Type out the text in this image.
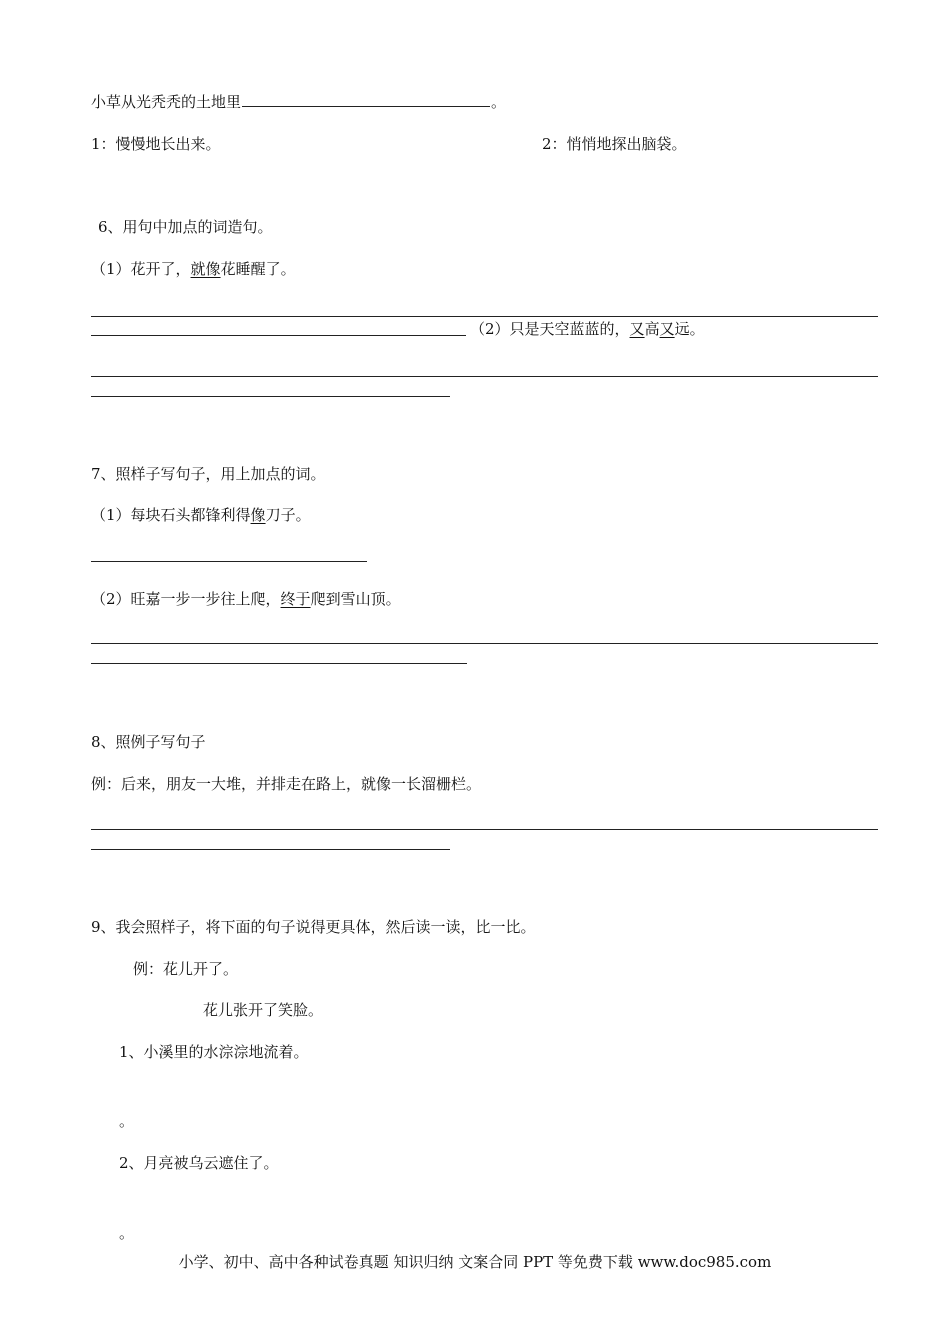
小草从光秃秃的土地里	。
1：慢慢地长出来。	2：悄悄地探出脑袋。
6、用句中加点的词造句。
（1）花开了，就像花睡醒了。
（2）只是天空蓝蓝的，又高又远。
7、照样子写句子，用上加点的词。
（1）每块石头都锋利得像刀子。
（2）旺嘉一步一步往上爬，终于爬到雪山顶。
8、照例子写句子
例：后来，朋友一大堆，并排走在路上，就像一长溜栅栏。
9、我会照样子，将下面的句子说得更具体，然后读一读，比一比。
例：花儿开了。
花儿张开了笑脸。
1、小溪里的水淙淙地流着。
。
2、月亮被乌云遮住了。
。
小学、初中、高中各种试卷真题 知识归纳 文案合同 PPT 等免费下载 www.doc985.com
